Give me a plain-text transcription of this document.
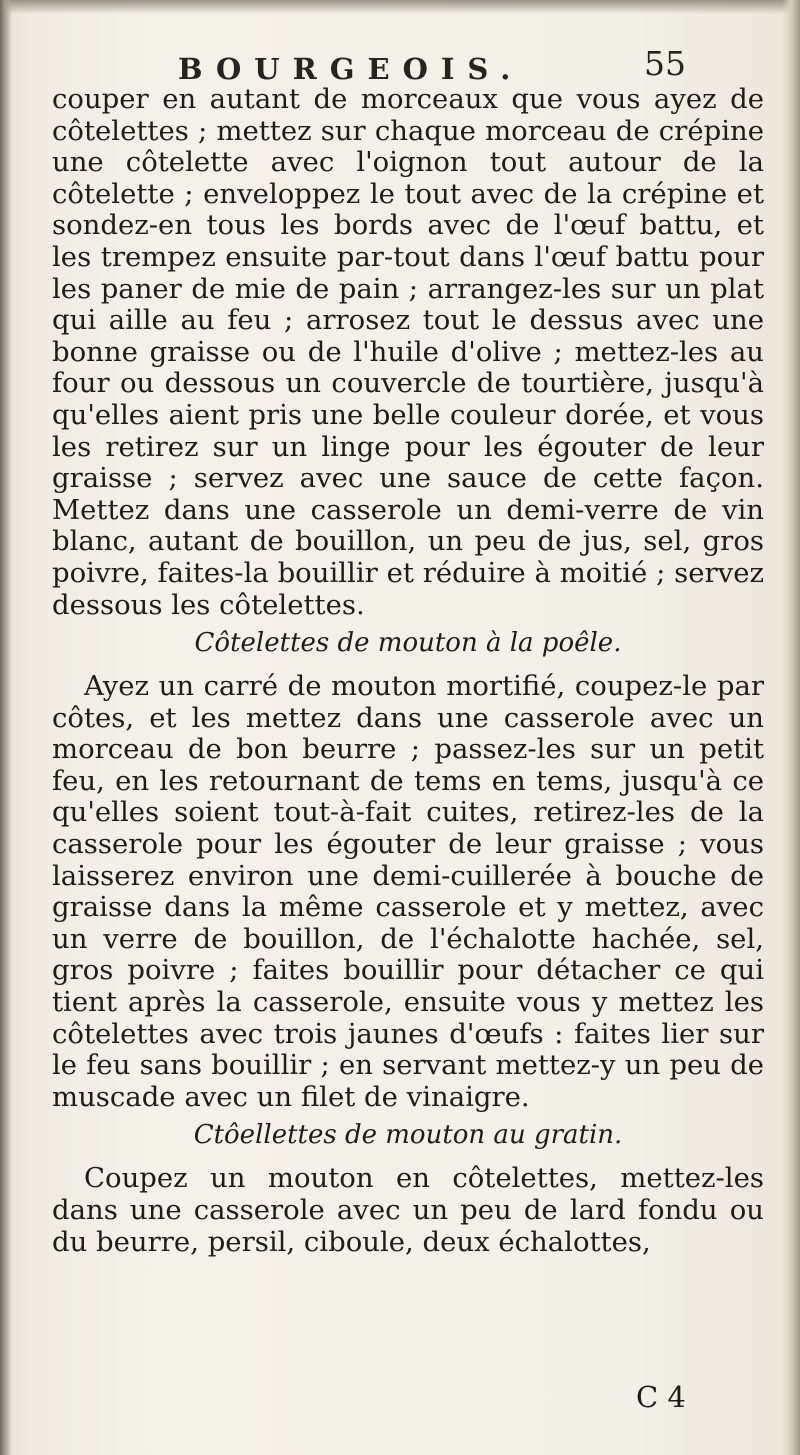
BOURGEOIS.	55

couper en autant de morceaux que vous ayez de côtelettes ; mettez sur chaque morceau de crépine une côtelette avec l'oignon tout autour de la côtelette ; enveloppez le tout avec de la crépine et sondez-en tous les bords avec de l'œuf battu, et les trempez ensuite par-tout dans l'œuf battu pour les paner de mie de pain ; arrangez-les sur un plat qui aille au feu ; arrosez tout le dessus avec une bonne graisse ou de l'huile d'olive ; mettez-les au four ou dessous un couvercle de tourtière, jusqu'à qu'elles aient pris une belle couleur dorée, et vous les retirez sur un linge pour les égouter de leur graisse ; servez avec une sauce de cette façon. Mettez dans une casserole un demi-verre de vin blanc, autant de bouillon, un peu de jus, sel, gros poivre, faites-la bouillir et réduire à moitié ; servez dessous les côtelettes.

Côtelettes de mouton à la poêle.

Ayez un carré de mouton mortifié, coupez-le par côtes, et les mettez dans une casserole avec un morceau de bon beurre ; passez-les sur un petit feu, en les retournant de tems en tems, jusqu'à ce qu'elles soient tout-à-fait cuites, retirez-les de la casserole pour les égouter de leur graisse ; vous laisserez environ une demi-cuillerée à bouche de graisse dans la même casserole et y mettez, avec un verre de bouillon, de l'échalotte hachée, sel, gros poivre ; faites bouillir pour détacher ce qui tient après la casserole, ensuite vous y mettez les côtelettes avec trois jaunes d'œufs : faites lier sur le feu sans bouillir ; en servant mettez-y un peu de muscade avec un filet de vinaigre.

Ctôellettes de mouton au gratin.

Coupez un mouton en côtelettes, mettez-les dans une casserole avec un peu de lard fondu ou du beurre, persil, ciboule, deux échalottes,

C 4
